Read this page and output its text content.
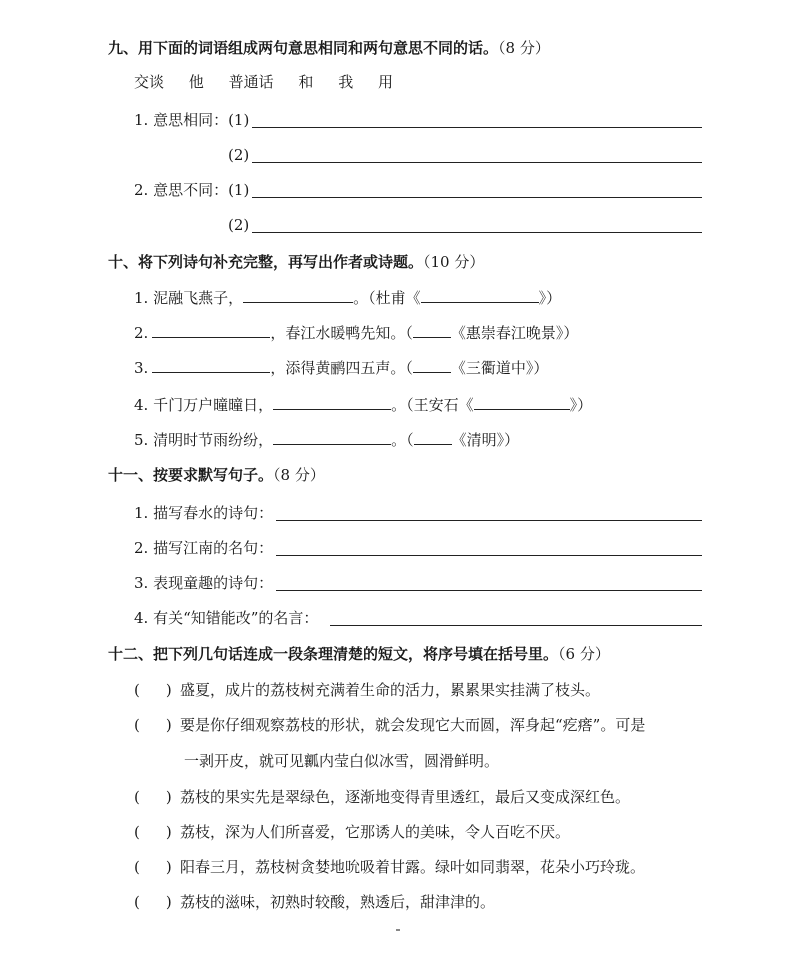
九、用下面的词语组成两句意思相同和两句意思不同的话。（8 分）
交谈 他 普通话 和 我 用
1. 意思相同：(1)
(2)
2. 意思不同：(1)
(2)
十、将下列诗句补充完整，再写出作者或诗题。（10 分）
1. 泥融飞燕子，	。（杜甫《	》）
2.	，春江水暖鸭先知。（	《惠崇春江晚景》）
3.	，添得黄鹂四五声。（	《三衢道中》）
4. 千门万户曈曈日，	。（王安石《	》）
5. 清明时节雨纷纷，	。（	《清明》）
十一、按要求默写句子。（8 分）
1. 描写春水的诗句：
2. 描写江南的名句：
3. 表现童趣的诗句：
4. 有关“知错能改”的名言：
十二、把下列几句话连成一段条理清楚的短文，将序号填在括号里。（6 分）
( ) 盛夏，成片的荔枝树充满着生命的活力，累累果实挂满了枝头。
( ) 要是你仔细观察荔枝的形状，就会发现它大而圆，浑身起“疙瘩”。可是
一剥开皮，就可见瓤内莹白似冰雪，圆滑鲜明。
( ) 荔枝的果实先是翠绿色，逐渐地变得青里透红，最后又变成深红色。
( ) 荔枝，深为人们所喜爱，它那诱人的美味，令人百吃不厌。
( ) 阳春三月，荔枝树贪婪地吮吸着甘露。绿叶如同翡翠，花朵小巧玲珑。
( ) 荔枝的滋味，初熟时较酸，熟透后，甜津津的。
